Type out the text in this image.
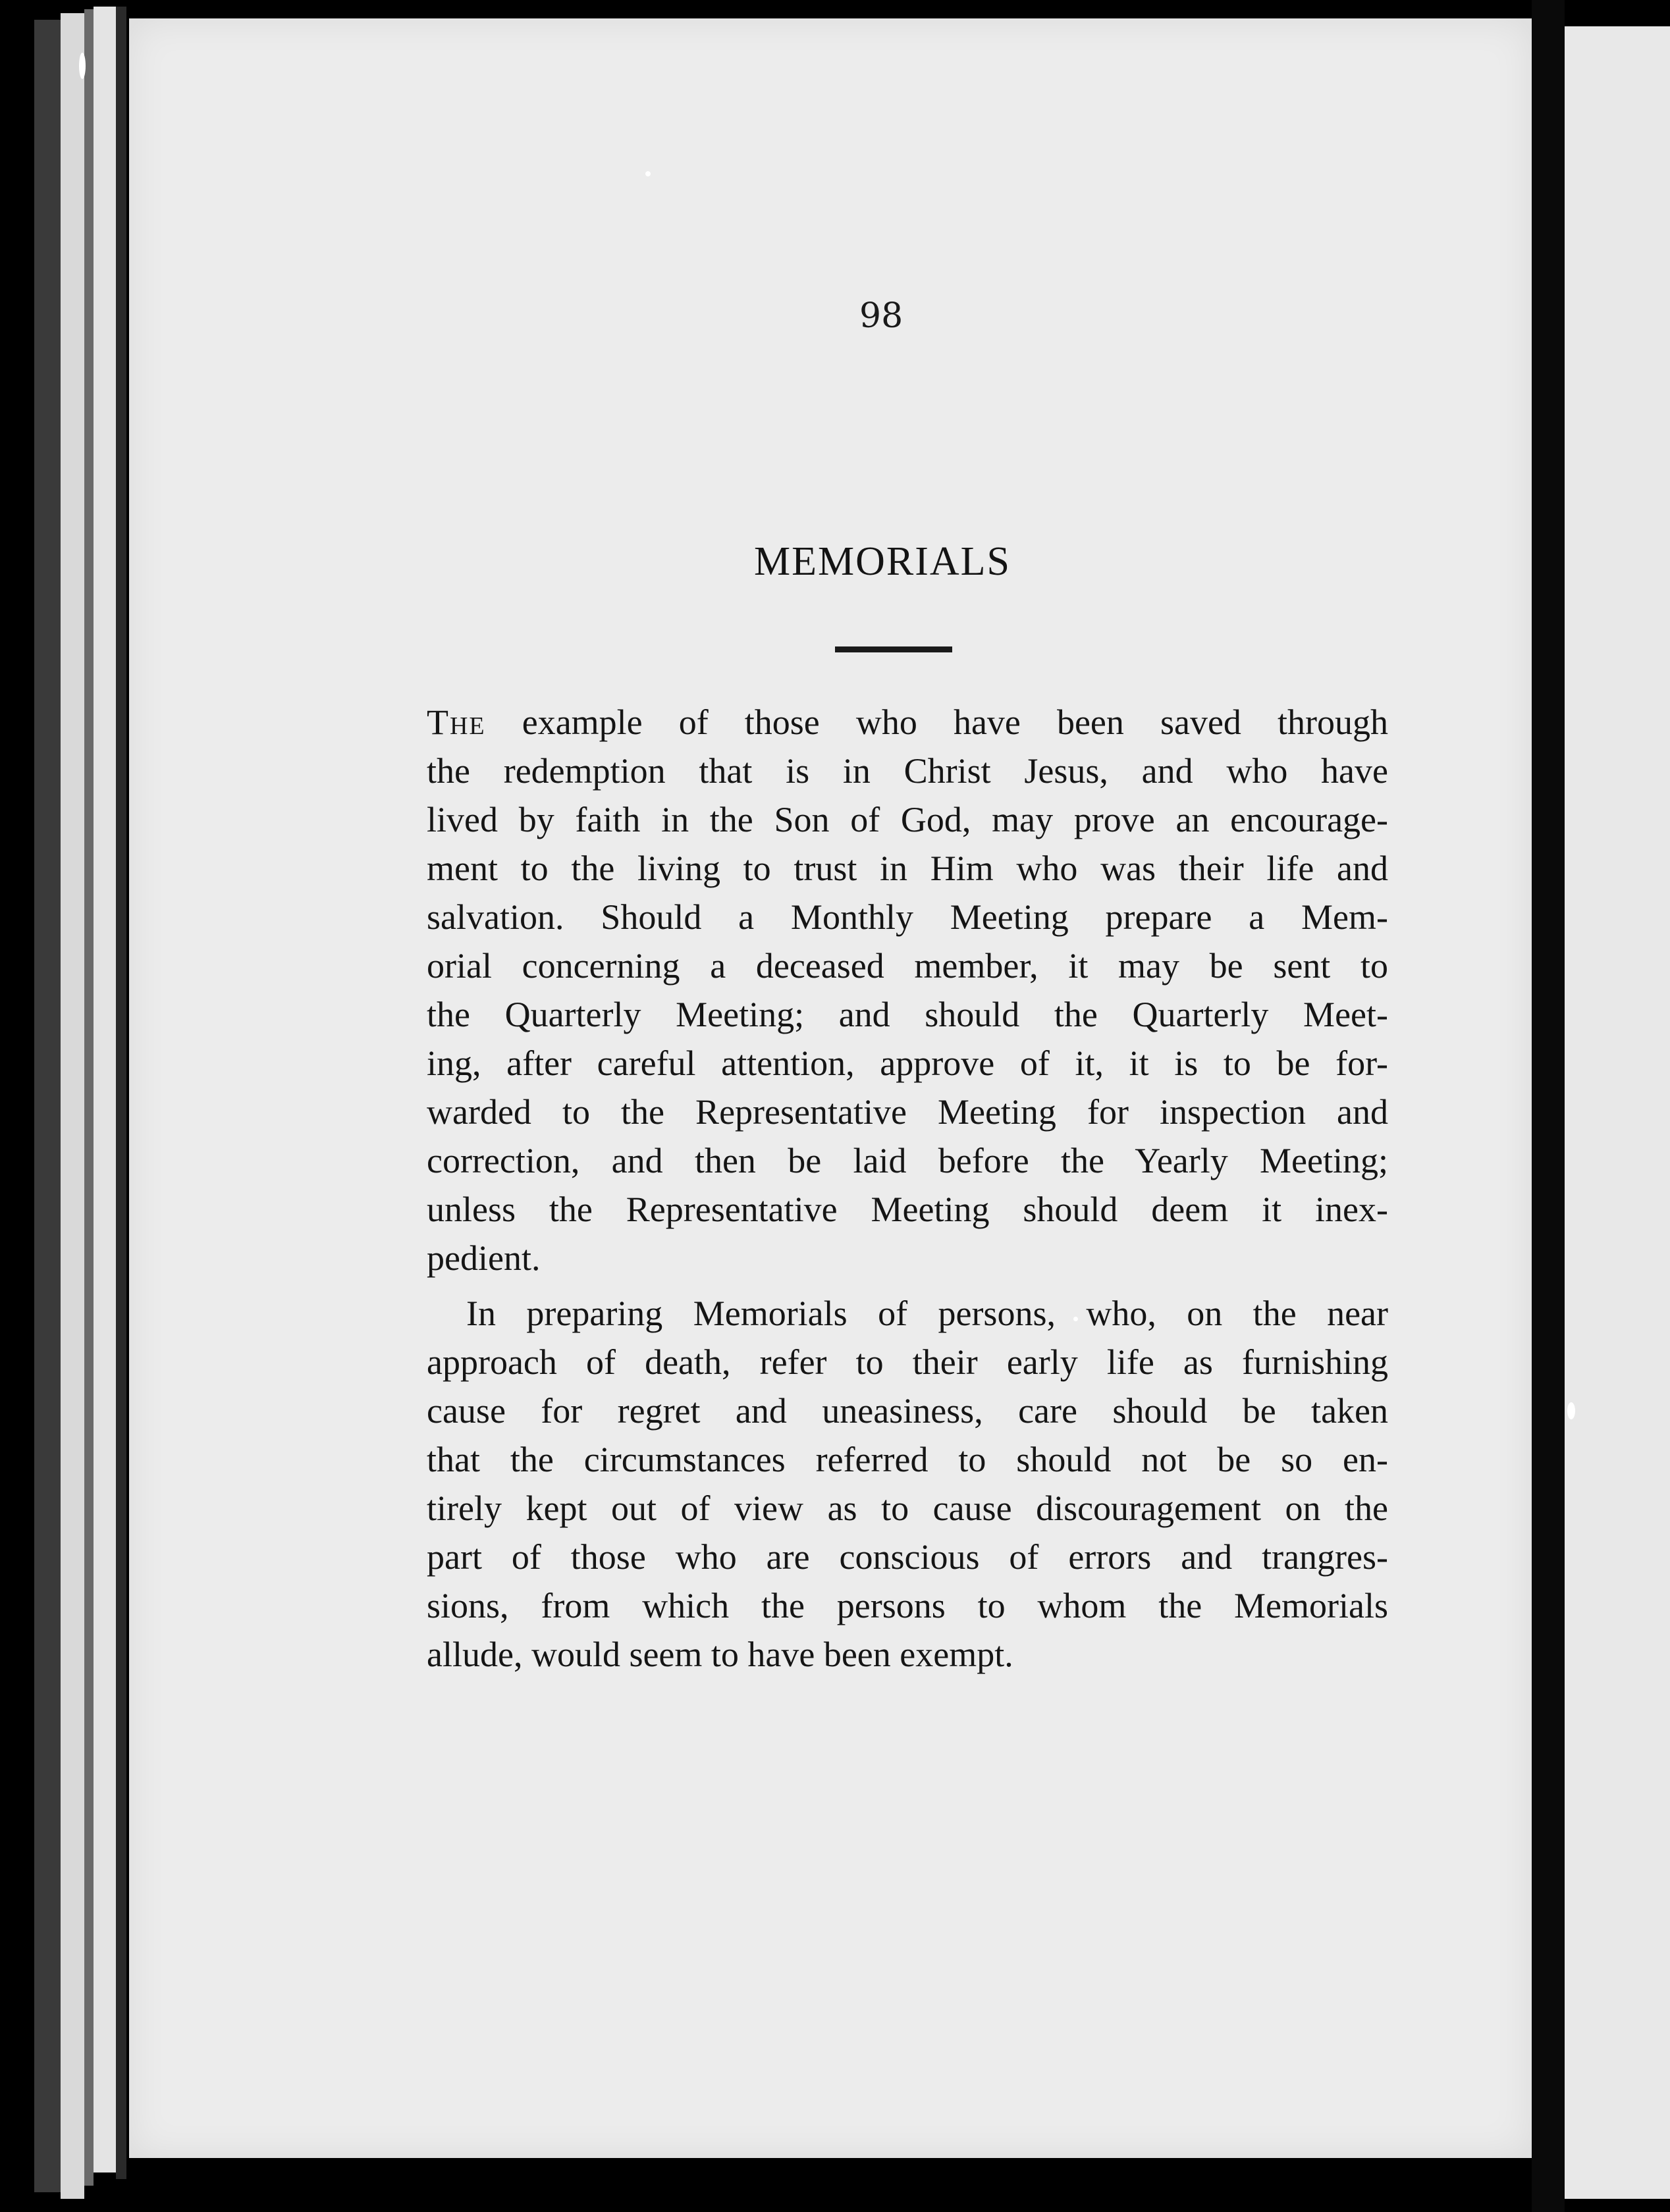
98
MEMORIALS
The example of those who have been saved through
the redemption that is in Christ Jesus, and who have
lived by faith in the Son of God, may prove an encourage-
ment to the living to trust in Him who was their life and
salvation. Should a Monthly Meeting prepare a Mem-
orial concerning a deceased member, it may be sent to
the Quarterly Meeting; and should the Quarterly Meet-
ing, after careful attention, approve of it, it is to be for-
warded to the Representative Meeting for inspection and
correction, and then be laid before the Yearly Meeting;
unless the Representative Meeting should deem it inex-
pedient.
In preparing Memorials of persons, who, on the near
approach of death, refer to their early life as furnishing
cause for regret and uneasiness, care should be taken
that the circumstances referred to should not be so en-
tirely kept out of view as to cause discouragement on the
part of those who are conscious of errors and trangres-
sions, from which the persons to whom the Memorials
allude, would seem to have been exempt.
